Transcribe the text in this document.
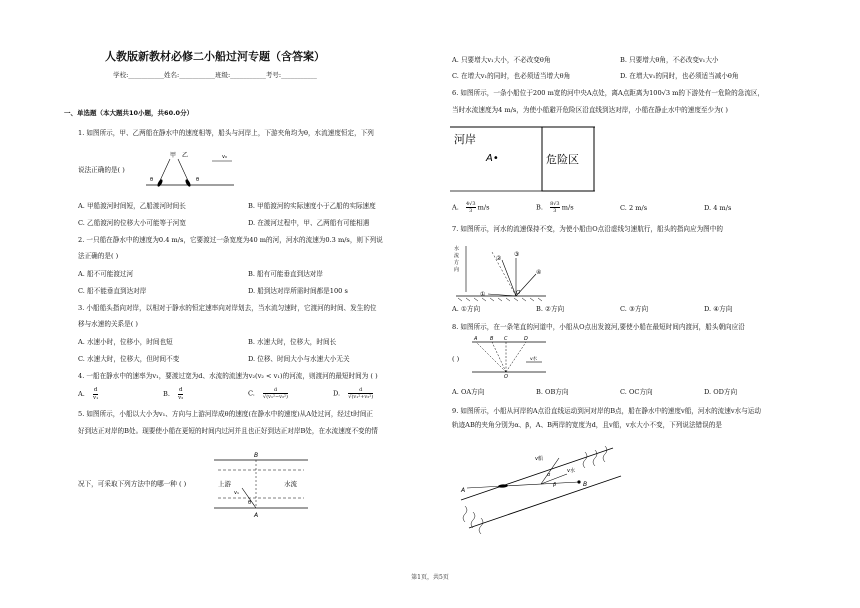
人教版新教材必修二小船过河专题（含答案）
学校:___________姓名:___________班级:___________考号:___________
一、单选题（本大题共10小题，共60.0分）
1. 如图所示，甲、乙两船在静水中的速度相等，船头与河岸上，下游夹角均为θ，水流速度恒定，下列
说法正确的是( )
甲 乙	v₀
θ	θ
A. 甲船渡河时间短，乙船渡河时间长	B. 甲船渡河的实际速度小于乙船的实际速度
C. 乙船渡河的位移大小可能等于河宽	D. 在渡河过程中，甲、乙两船有可能相遇
2. 一只船在静水中的速度为0.4 m/s，它要渡过一条宽度为40 m的河，河水的流速为0.3 m/s，则下列说
法正确的是( )
A. 船不可能渡过河	B. 船有可能垂直到达对岸
C. 船不能垂直到达对岸	D. 船到达对岸所需时间都是100 s
3. 小船船头指向对岸，以相对于静水的恒定速率向对岸划去，当水流匀速时，它渡河的时间、发生的位
移与水速的关系是( )
A. 水速小时，位移小，时间也短	B. 水速大时，位移大，时间长
C. 水速大时，位移大，但时间不变	D. 位移、时间大小与水速大小无关
4. 一船在静水中的速率为v₁，要渡过宽为d、水流的流速为v₂(v₂ < v₁)的河流，则渡河的最短时间为 ( )
A. $\frac{d}{\text{v₁}}$	B. $\frac{d}{\text{v₂}}$	C. $\frac{d}{\text{√(v₁²−v₂²)}}$	D. $\frac{d}{\text{√(v₁²+v₂²)}}$
5. 如图所示，小船以大小为v₁、方向与上游河岸成θ的速度(在静水中的速度)从A处过河，经过t时间正
好到达正对岸的B处。现要使小船在更短的时间内过河并且也正好到达正对岸B处，在水流速度不变的情
况下，可采取下列方法中的哪一种 ( )
B
A
上游	水流
v₁
θ
A. 只要增大v₁大小，不必改变θ角	B. 只要增大θ角，不必改变v₁大小
C. 在增大v₁的同时，也必须适当增大θ角	D. 在增大v₁的同时，也必须适当减小θ角
6. 如图所示，一条小船位于200 m宽的河中央A点处，离A点距离为100√3 m的下游处有一危险的急流区，
当时水流速度为4 m/s，为使小船避开危险区沿直线到达对岸，小船在静止水中的速度至少为( )
河岸
A•	危险区
A. $\frac{4√3}{3} m/s$	B. $\frac{8√3}{3} m/s$	C. 2 m/s	D. 4 m/s
7. 如图所示，河水的流速保持不变，为使小船由O点沿虚线匀速航行，船头的指向应为图中的
水
流
方
向
①
②
③
④
O
A. ①方向	B. ②方向	C. ③方向	D. ④方向
8. 如图所示，在一条笔直的河道中，小船从O点出发渡河,要使小船在最短时间内渡河，船头朝向应沿
( )
A	B C	D
O
v水
A. OA方向	B. OB方向	C. OC方向	D. OD方向
9. 如图所示，小船从河岸的A点沿直线运动到河对岸的B点，船在静水中的速度v船，河水的流速v水与运动
轨迹AB的夹角分别为α、β，A、B两岸的宽度为d，且v船，v水大小不变，下列说法错误的是
A
B
v船
v水
α
β
第1页，共5页
